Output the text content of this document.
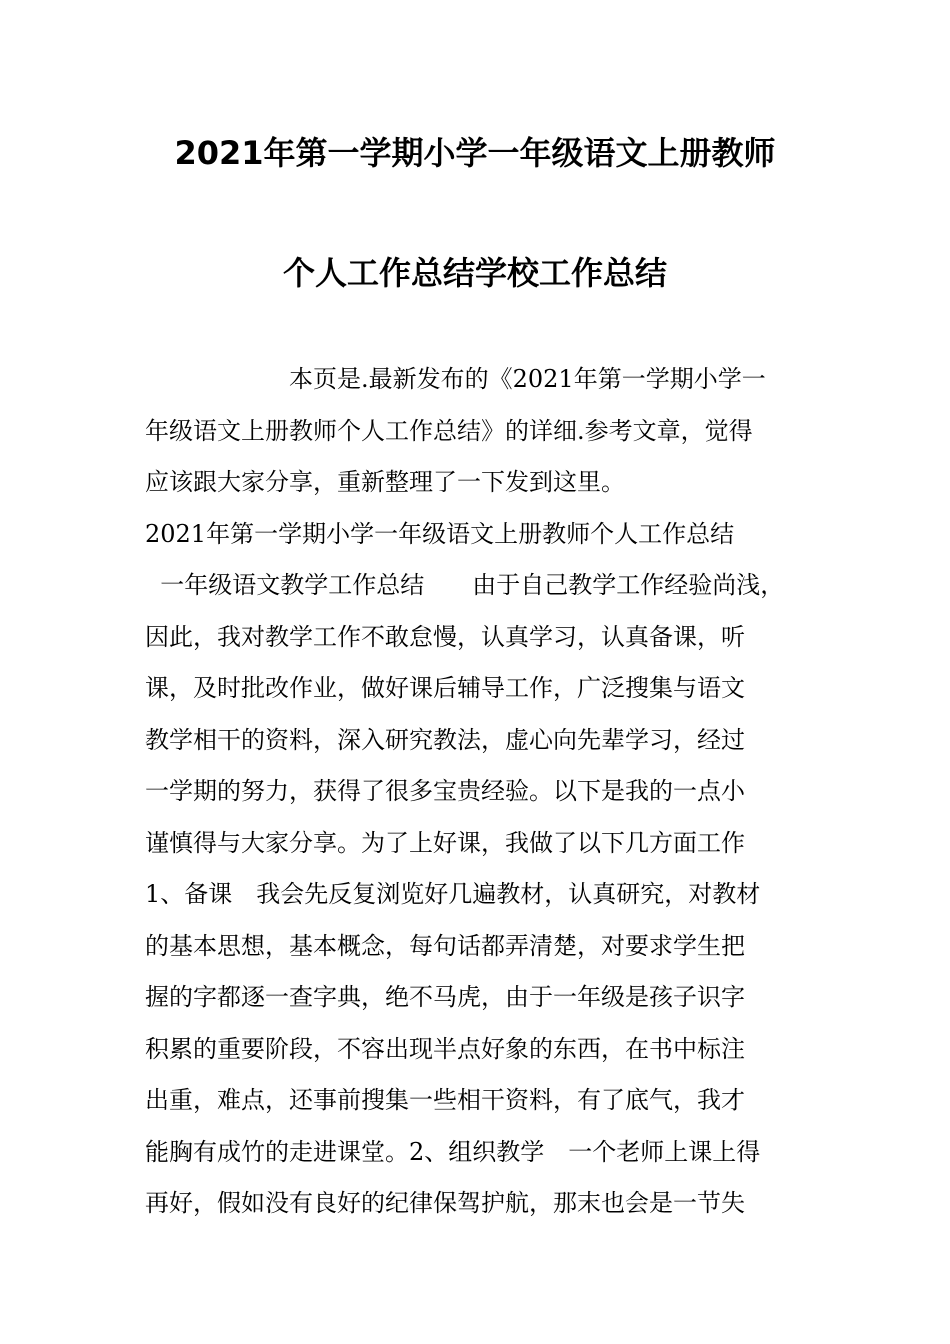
2021年第一学期小学一年级语文上册教师
个人工作总结学校工作总结
　　　　　　本页是.最新发布的《2021年第一学期小学一
年级语文上册教师个人工作总结》的详细.参考文章，觉得
应该跟大家分享，重新整理了一下发到这里。
2021年第一学期小学一年级语文上册教师个人工作总结
一年级语文教学工作总结　　由于自己教学工作经验尚浅，
因此，我对教学工作不敢怠慢，认真学习，认真备课，听
课，及时批改作业，做好课后辅导工作，广泛搜集与语文
教学相干的资料，深入研究教法，虚心向先辈学习，经过
一学期的努力，获得了很多宝贵经验。以下是我的一点小
谨慎得与大家分享。为了上好课，我做了以下几方面工作
1、备课　我会先反复浏览好几遍教材，认真研究，对教材
的基本思想，基本概念，每句话都弄清楚，对要求学生把
握的字都逐一查字典，绝不马虎，由于一年级是孩子识字
积累的重要阶段，不容出现半点好象的东西，在书中标注
出重，难点，还事前搜集一些相干资料，有了底气，我才
能胸有成竹的走进课堂。2、组织教学　一个老师上课上得
再好，假如没有良好的纪律保驾护航，那末也会是一节失
